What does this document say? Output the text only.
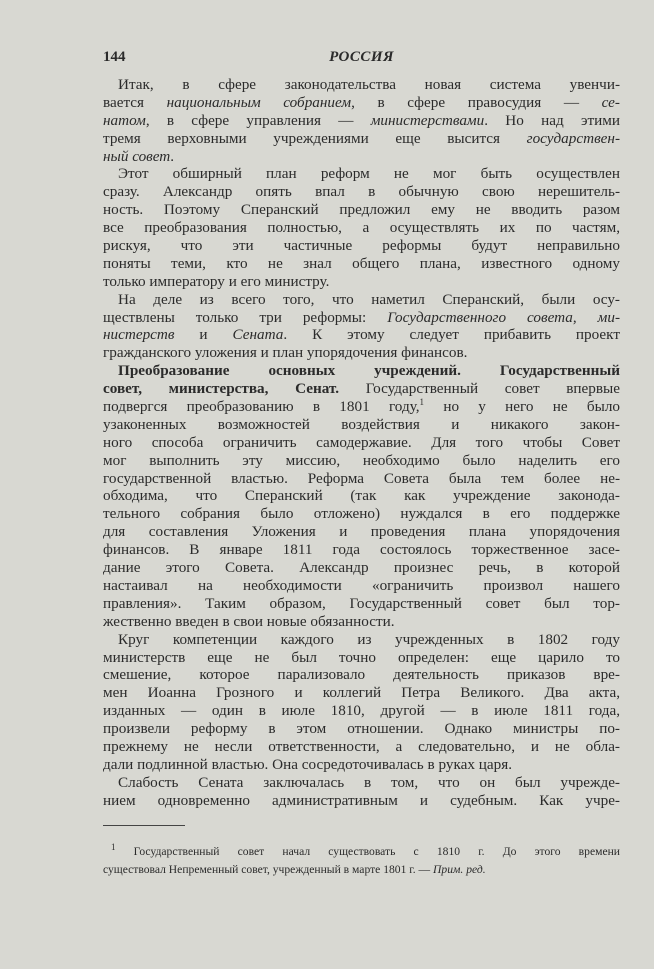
144	РОССИЯ
Итак, в сфере законодательства новая система увенчи-
вается национальным собранием, в сфере правосудия — се-
натом, в сфере управления — министерствами. Но над этими
тремя верховными учреждениями еще высится государствен-
ный совет.
Этот обширный план реформ не мог быть осуществлен
сразу. Александр опять впал в обычную свою нерешитель-
ность. Поэтому Сперанский предложил ему не вводить разом
все преобразования полностью, а осуществлять их по частям,
рискуя, что эти частичные реформы будут неправильно
поняты теми, кто не знал общего плана, известного одному
только императору и его министру.
На деле из всего того, что наметил Сперанский, были осу-
ществлены только три реформы: Государственного совета, ми-
нистерств и Сената. К этому следует прибавить проект
гражданского уложения и план упорядочения финансов.
Преобразование основных учреждений. Государственный
совет, министерства, Сенат. Государственный совет впервые
подвергся преобразованию в 1801 году,$^1$ но у него не было
узаконенных возможностей воздействия и никакого закон-
ного способа ограничить самодержавие. Для того чтобы Совет
мог выполнить эту миссию, необходимо было наделить его
государственной властью. Реформа Совета была тем более не-
обходима, что Сперанский (так как учреждение законода-
тельного собрания было отложено) нуждался в его поддержке
для составления Уложения и проведения плана упорядочения
финансов. В январе 1811 года состоялось торжественное засе-
дание этого Совета. Александр произнес речь, в которой
настаивал на необходимости «ограничить произвол нашего
правления». Таким образом, Государственный совет был тор-
жественно введен в свои новые обязанности.
Круг компетенции каждого из учрежденных в 1802 году
министерств еще не был точно определен: еще царило то
смешение, которое парализовало деятельность приказов вре-
мен Иоанна Грозного и коллегий Петра Великого. Два акта,
изданных — один в июле 1810, другой — в июле 1811 года,
произвели реформу в этом отношении. Однако министры по-
прежнему не несли ответственности, а следовательно, и не обла-
дали подлинной властью. Она сосредоточивалась в руках царя.
Слабость Сената заключалась в том, что он был учрежде-
нием одновременно административным и судебным. Как учре-
$^1$ Государственный совет начал существовать с 1810 г. До этого времени
существовал Непременный совет, учрежденный в марте 1801 г. — Прим. ред.
